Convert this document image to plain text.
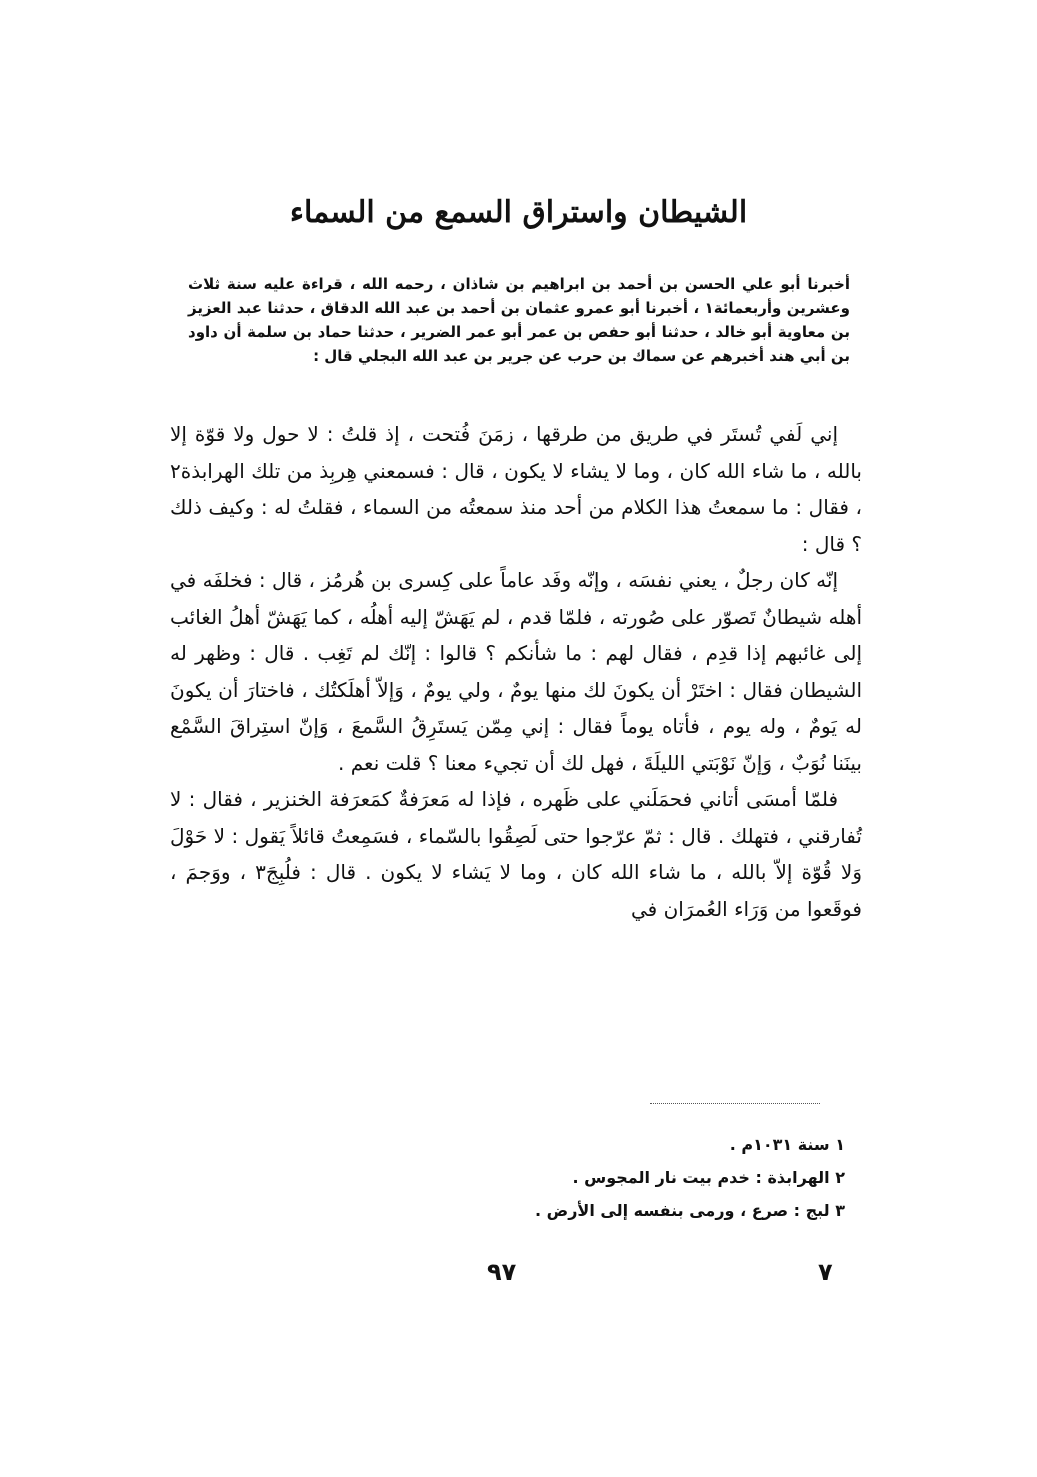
الشيطان واستراق السمع من السماء

أخبرنا أبو علي الحسن بن أحمد بن ابراهيم بن شاذان ، رحمه الله ، قراءة عليه سنة ثلاث وعشرين وأربعمائة١ ، أخبرنا أبو عمرو عثمان بن أحمد بن عبد الله الدقاق ، حدثنا عبد العزيز بن معاوية أبو خالد ، حدثنا أبو حفص بن عمر أبو عمر الضرير ، حدثنا حماد بن سلمة أن داود بن أبي هند أخبرهم عن سماك بن حرب عن جرير بن عبد الله البجلي قال :

إني لَفي تُستَر في طريق من طرقها ، زمَنَ فُتحت ، إذ قلتُ : لا حول ولا قوّة إلا بالله ، ما شاء الله كان ، وما لا يشاء لا يكون ، قال : فسمعني هِربِذ من تلك الهرابذة٢ ، فقال : ما سمعتُ هذا الكلام من أحد منذ سمعتُه من السماء ، فقلتُ له : وكيف ذلك ؟ قال :

إنّه كان رجلٌ ، يعني نفسَه ، وإنّه وفَد عاماً على كِسرى بن هُرمُز ، قال : فخلفَه في أهله شيطانٌ تَصوّر على صُورته ، فلمّا قدم ، لم يَهَشّ إليه أهلُه ، كما يَهَشّ أهلُ الغائب إلى غائبهم إذا قدِم ، فقال لهم : ما شأنكم ؟ قالوا : إنّك لم تَغِب . قال : وظهر له الشيطان فقال : اختَرْ أن يكونَ لك منها يومٌ ، ولي يومٌ ، وَإلاّ أهلَكتُك ، فاختارَ أن يكونَ له يَومٌ ، وله يوم ، فأتاه يوماً فقال : إني مِمّن يَستَرِقُ السَّمعَ ، وَإنّ استِراقَ السَّمْع بينَنا نُوَبٌ ، وَإنّ نَوْبَتي الليلَةَ ، فهل لك أن تجيء معنا ؟ قلت نعم .

فلمّا أمسَى أتاني فحمَلَني على ظَهره ، فإذا له مَعرَفةٌ كمَعرَفة الخنزير ، فقال : لا تُفارقني ، فتهلك . قال : ثمّ عرّجوا حتى لَصِقُوا بالسّماء ، فسَمِعتُ قائلاً يَقول : لا حَوْلَ وَلا قُوّة إلاّ بالله ، ما شاء الله كان ، وما لا يَشاء لا يكون . قال : فلُبِجَ٣ ، ووَجمَ ، فوقَعوا من وَرَاء العُمرَان في

١ سنة ١٠٣١م .

٢ الهرابذة : خدم بيت نار المجوس .

٣ لبج : صرع ، ورمى بنفسه إلى الأرض .

٧
٩٧
